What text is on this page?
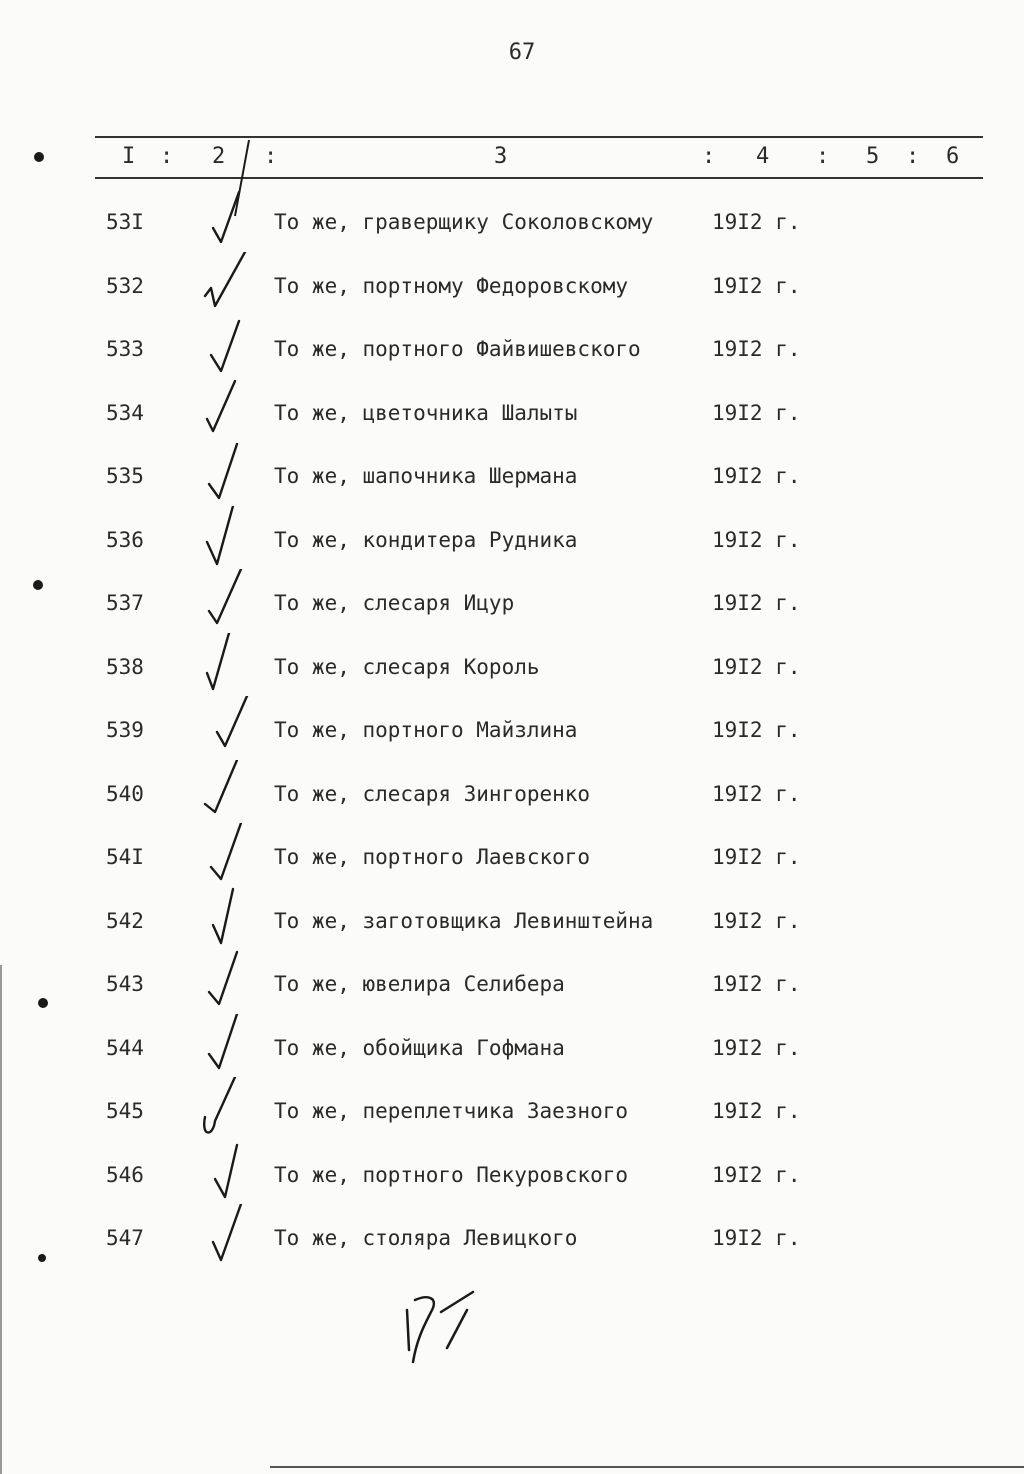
67
I : 2 :	3	: 4 : 5 : 6
53I	То же, граверщику Соколовскому	19I2 г.
532	То же, портному Федоровскому	19I2 г.
533	То же, портного Файвишевского	19I2 г.
534	То же, цветочника Шалыты	19I2 г.
535	То же, шапочника Шермана	19I2 г.
536	То же, кондитера Рудника	19I2 г.
537	То же, слесаря Ицур	19I2 г.
538	То же, слесаря Король	19I2 г.
539	То же, портного Майзлина	19I2 г.
540	То же, слесаря Зингоренко	19I2 г.
54I	То же, портного Лаевского	19I2 г.
542	То же, заготовщика Левинштейна	19I2 г.
543	То же, ювелира Селибера	19I2 г.
544	То же, обойщика Гофмана	19I2 г.
545	То же, переплетчика Заезного	19I2 г.
546	То же, портного Пекуровского	19I2 г.
547	То же, столяра Левицкого	19I2 г.
